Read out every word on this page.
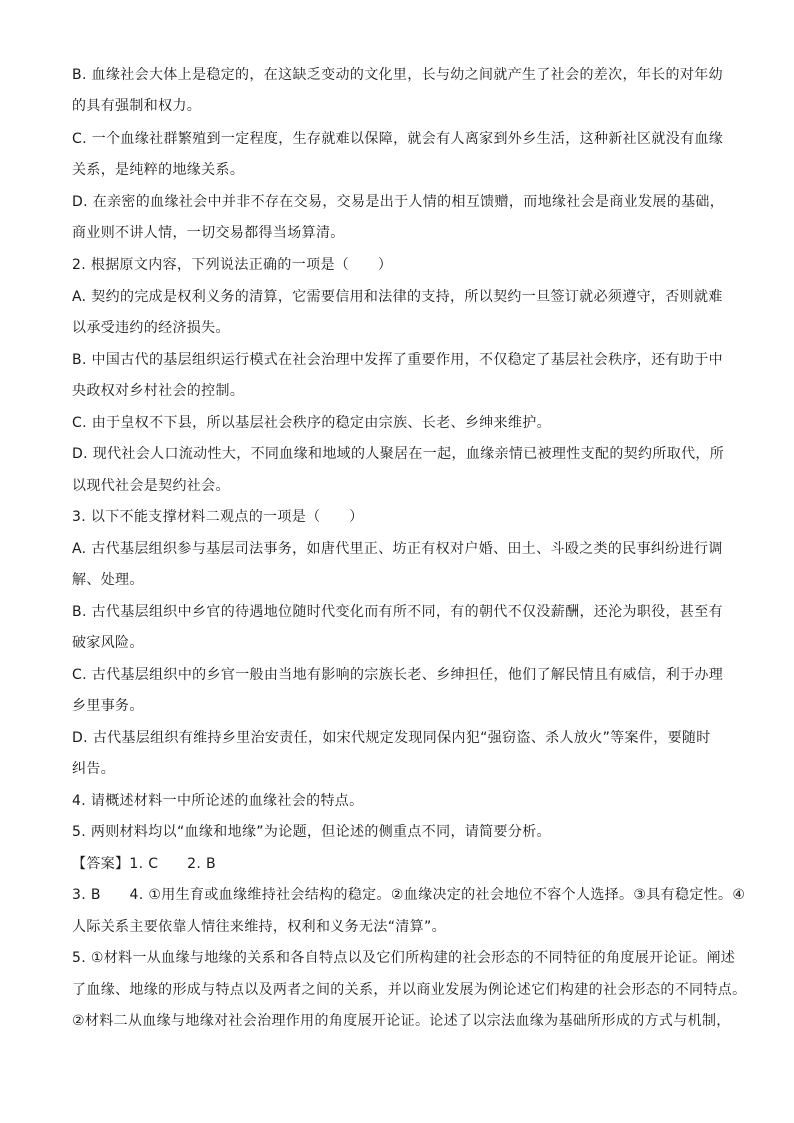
B. 血缘社会大体上是稳定的，在这缺乏变动的文化里，长与幼之间就产生了社会的差次，年长的对年幼
的具有强制和权力。
C. 一个血缘社群繁殖到一定程度，生存就难以保障，就会有人离家到外乡生活，这种新社区就没有血缘
关系，是纯粹的地缘关系。
D. 在亲密的血缘社会中并非不存在交易，交易是出于人情的相互馈赠，而地缘社会是商业发展的基础，
商业则不讲人情，一切交易都得当场算清。
2. 根据原文内容，下列说法正确的一项是（　　）
A. 契约的完成是权利义务的清算，它需要信用和法律的支持，所以契约一旦签订就必须遵守，否则就难
以承受违约的经济损失。
B. 中国古代的基层组织运行模式在社会治理中发挥了重要作用，不仅稳定了基层社会秩序，还有助于中
央政权对乡村社会的控制。
C. 由于皇权不下县，所以基层社会秩序的稳定由宗族、长老、乡绅来维护。
D. 现代社会人口流动性大，不同血缘和地域的人聚居在一起，血缘亲情已被理性支配的契约所取代，所
以现代社会是契约社会。
3. 以下不能支撑材料二观点的一项是（　　）
A. 古代基层组织参与基层司法事务，如唐代里正、坊正有权对户婚、田土、斗殴之类的民事纠纷进行调
解、处理。
B. 古代基层组织中乡官的待遇地位随时代变化而有所不同，有的朝代不仅没薪酬，还沦为职役，甚至有
破家风险。
C. 古代基层组织中的乡官一般由当地有影响的宗族长老、乡绅担任，他们了解民情且有威信，利于办理
乡里事务。
D. 古代基层组织有维持乡里治安责任，如宋代规定发现同保内犯“强窃盗、杀人放火”等案件，要随时
纠告。
4. 请概述材料一中所论述的血缘社会的特点。
5. 两则材料均以“血缘和地缘”为论题，但论述的侧重点不同，请简要分析。
【答案】1. C　　2. B
3. B　　4. ①用生育或血缘维持社会结构的稳定。②血缘决定的社会地位不容个人选择。③具有稳定性。④
人际关系主要依靠人情往来维持，权利和义务无法“清算”。
5. ①材料一从血缘与地缘的关系和各自特点以及它们所构建的社会形态的不同特征的角度展开论证。阐述
了血缘、地缘的形成与特点以及两者之间的关系，并以商业发展为例论述它们构建的社会形态的不同特点。
②材料二从血缘与地缘对社会治理作用的角度展开论证。论述了以宗法血缘为基础所形成的方式与机制，
